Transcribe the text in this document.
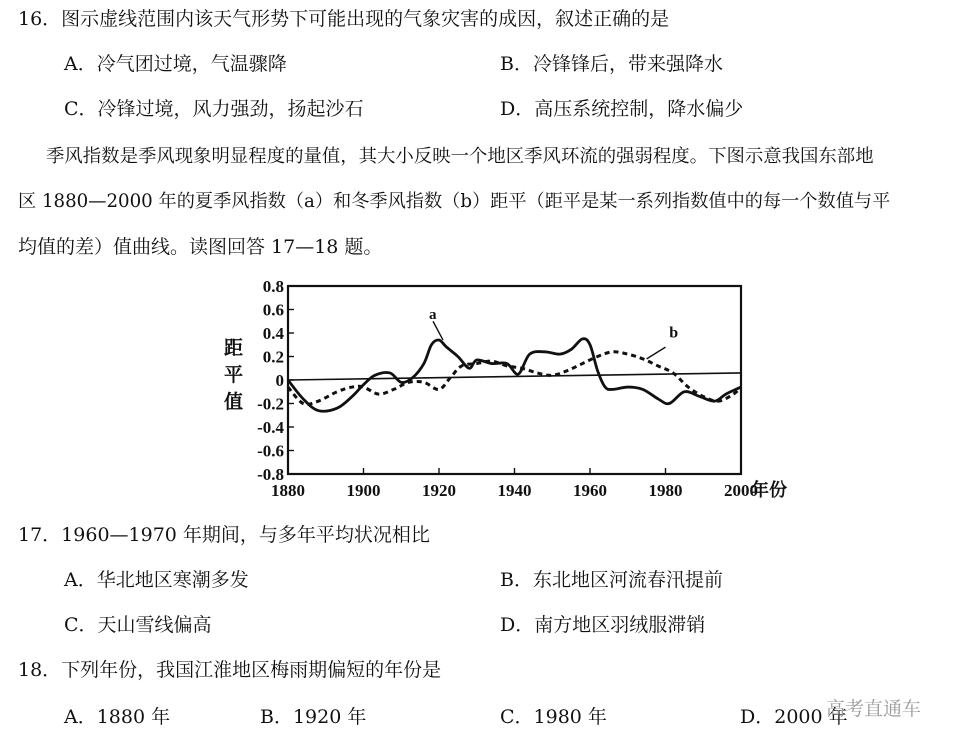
16．图示虚线范围内该天气形势下可能出现的气象灾害的成因，叙述正确的是
A．冷气团过境，气温骤降	B．冷锋锋后，带来强降水
C．冷锋过境，风力强劲，扬起沙石	D．高压系统控制，降水偏少
季风指数是季风现象明显程度的量值，其大小反映一个地区季风环流的强弱程度。下图示意我国东部地
区 1880—2000 年的夏季风指数（a）和冬季风指数（b）距平（距平是某一系列指数值中的每一个数值与平
均值的差）值曲线。读图回答 17—18 题。
0.8
0.6
0.4
0.2
0
-0.2
-0.4
-0.6
-0.8
1880 1900 1920 1940 1960 1980 2000
a
b
距平值
年份
17．1960—1970 年期间，与多年平均状况相比
A．华北地区寒潮多发	B．东北地区河流春汛提前
C．天山雪线偏高	D．南方地区羽绒服滞销
18．下列年份，我国江淮地区梅雨期偏短的年份是
A．1880 年	B．1920 年	C．1980 年	D．2000 年
高考直通车
